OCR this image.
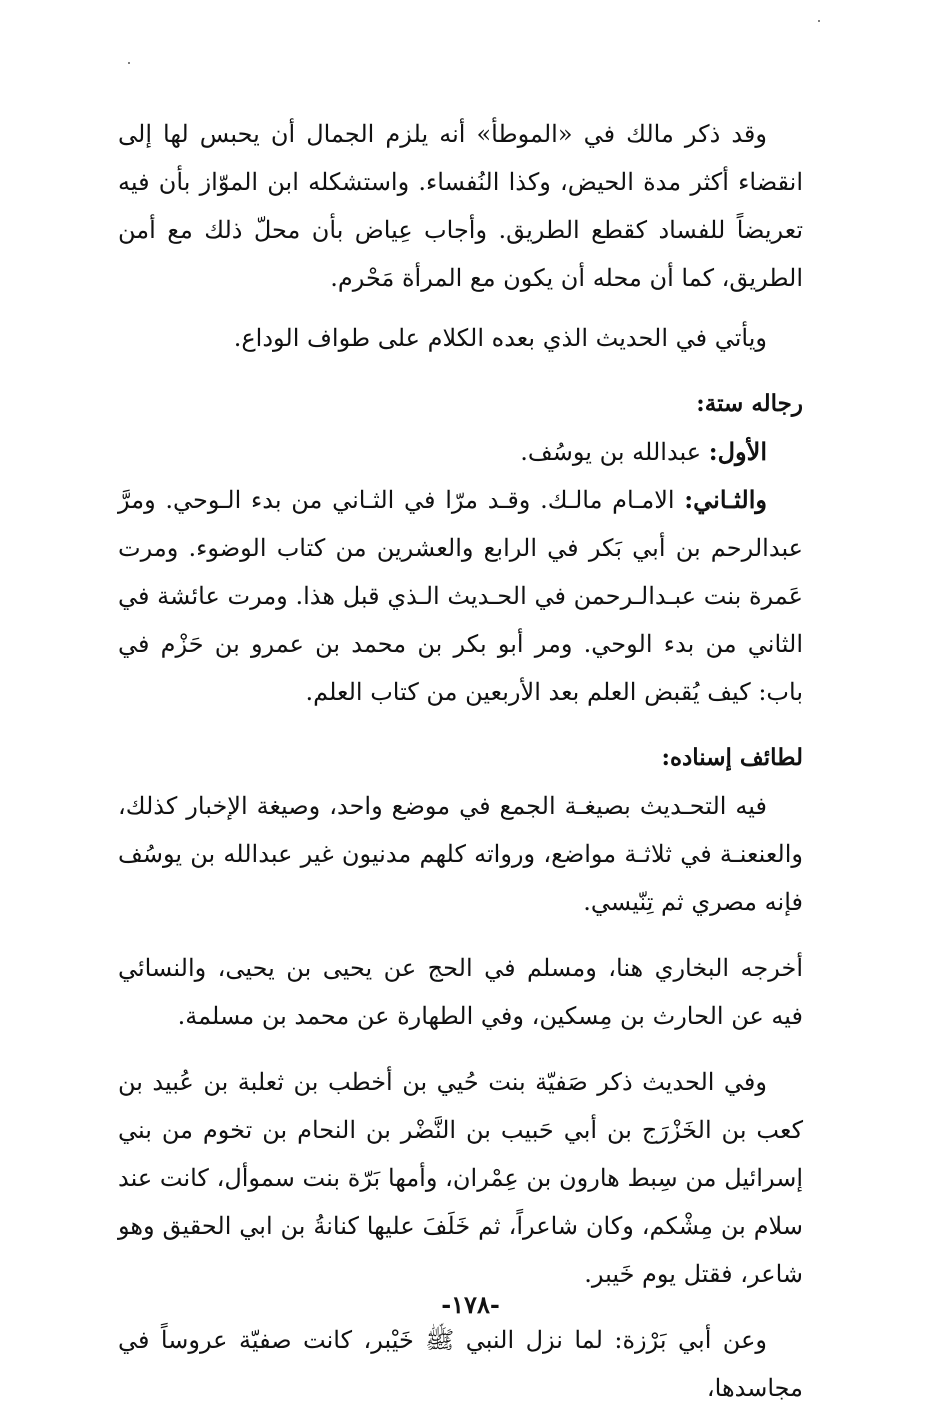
وقد ذكر مالك في «الموطأ» أنه يلزم الجمال أن يحبس لها إلى انقضاء أكثر مدة الحيض، وكذا النُفساء. واستشكله ابن الموّاز بأن فيه تعريضاً للفساد كقطع الطريق. وأجاب عِياض بأن محلّ ذلك مع أمن الطريق، كما أن محله أن يكون مع المرأة مَحْرم.

ويأتي في الحديث الذي بعده الكلام على طواف الوداع.

رجاله ستة:

الأول: عبدالله بن يوسُف.

والثـاني: الامـام مالـك. وقـد مرّا في الثـاني من بدء الـوحي. ومرَّ عبدالرحم بن أبي بَكر في الرابع والعشرين من كتاب الوضوء. ومرت عَمرة بنت عبـدالـرحمن في الحـديث الـذي قبل هذا. ومرت عائشة في الثاني من بدء الوحي. ومر أبو بكر بن محمد بن عمرو بن حَزْم في باب: كيف يُقبض العلم بعد الأربعين من كتاب العلم.

لطائف إسناده:

فيه التحـديث بصيغـة الجمع في موضع واحد، وصيغة الإخبار كذلك، والعنعنـة في ثلاثـة مواضع، ورواته كلهم مدنيون غير عبدالله بن يوسُف فإنه مصري ثم تِنّيسي.

أخرجه البخاري هنا، ومسلم في الحج عن يحيى بن يحيى، والنسائي فيه عن الحارث بن مِسكين، وفي الطهارة عن محمد بن مسلمة.

وفي الحديث ذكر صَفيّة بنت حُيي بن أخطب بن ثعلبة بن عُبيد بن كعب بن الخَزْرَج بن أبي حَبيب بن النَّضْر بن النحام بن تخوم من بني إسرائيل من سِبط هارون بن عِمْران، وأمها بَرّة بنت سموأل، كانت عند سلام بن مِشْكم، وكان شاعراً، ثم خَلَفَ عليها كنانةُ بن ابي الحقيق وهو شاعر، فقتل يوم خَيبر.

وعن أبي بَرْزة: لما نزل النبي ﷺ خَيْبر، كانت صفيّة عروساً في مجاسدها،

-١٧٨-
